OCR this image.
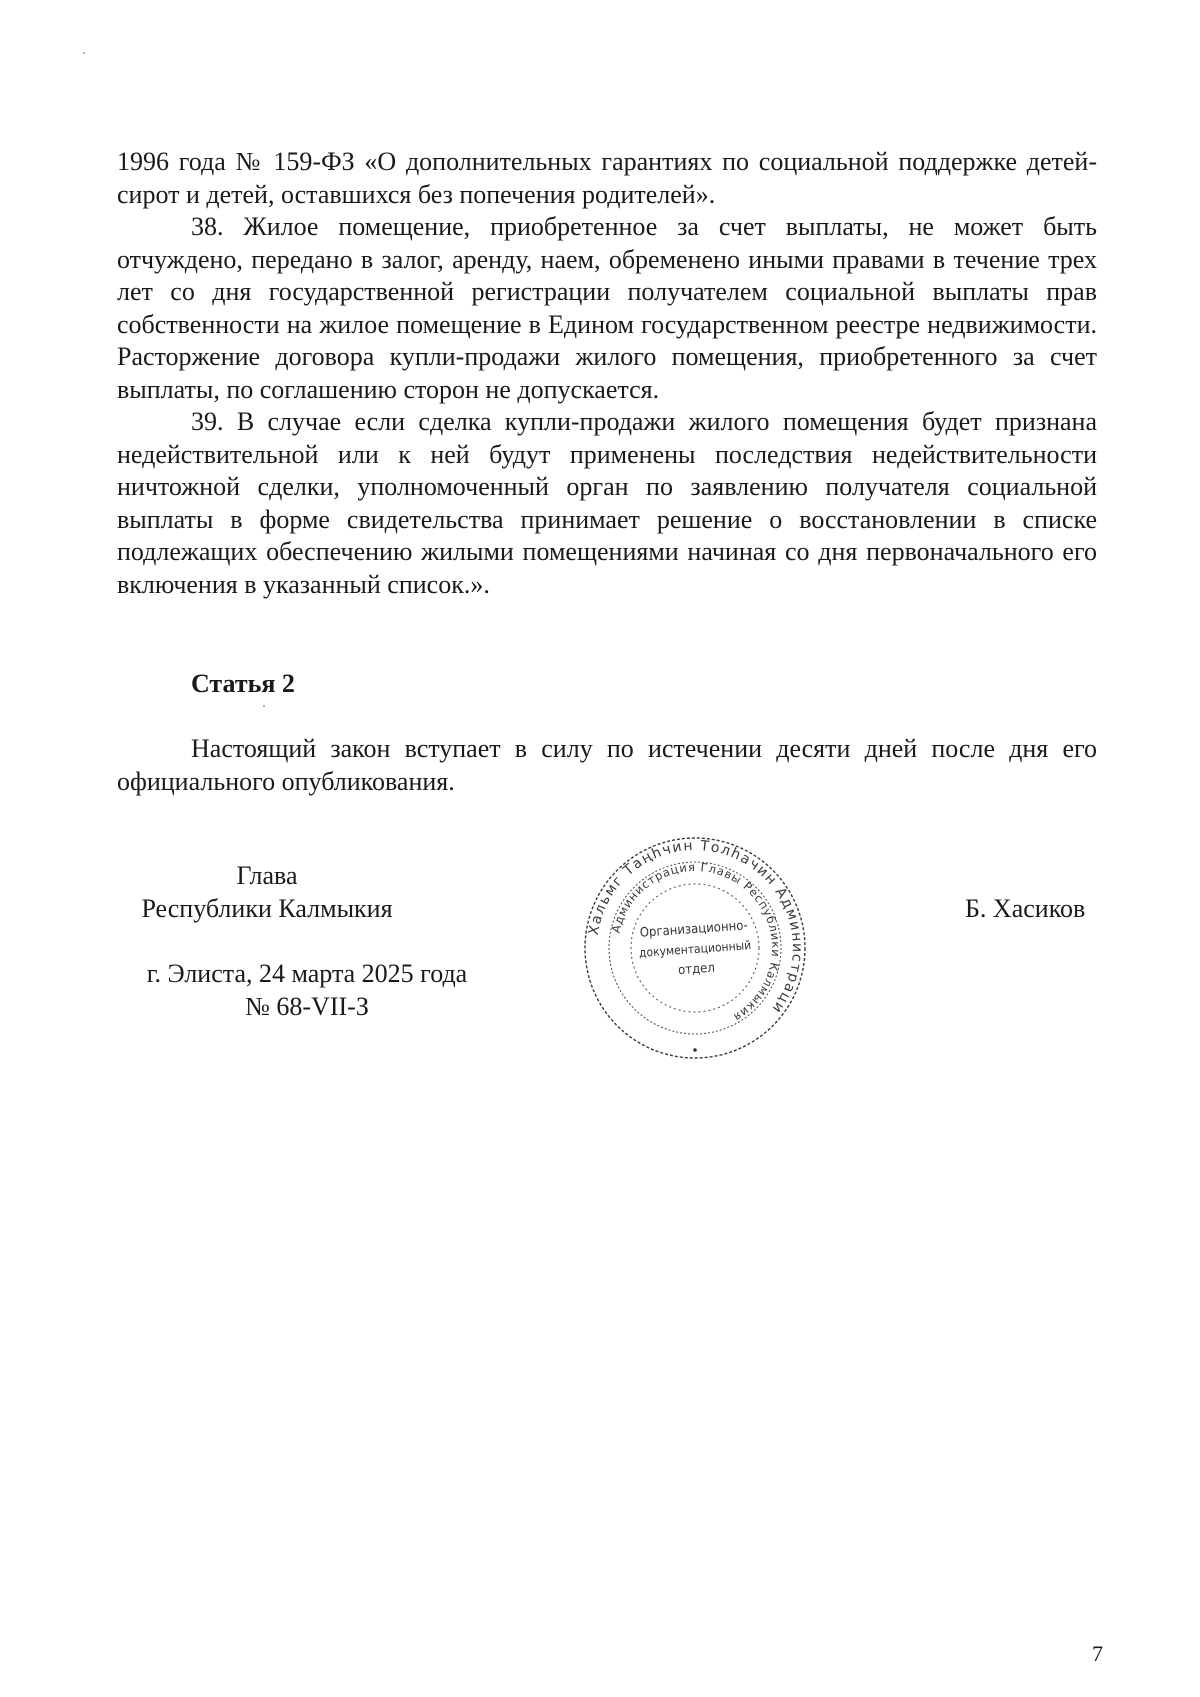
1996 года № 159-ФЗ «О дополнительных гарантиях по социальной поддержке детей-сирот и детей, оставшихся без попечения родителей».

38. Жилое помещение, приобретенное за счет выплаты, не может быть отчуждено, передано в залог, аренду, наем, обременено иными правами в течение трех лет со дня государственной регистрации получателем социальной выплаты прав собственности на жилое помещение в Едином государственном реестре недвижимости. Расторжение договора купли-продажи жилого помещения, приобретенного за счет выплаты, по соглашению сторон не допускается.

39. В случае если сделка купли-продажи жилого помещения будет признана недействительной или к ней будут применены последствия недействительности ничтожной сделки, уполномоченный орган по заявлению получателя социальной выплаты в форме свидетельства принимает решение о восстановлении в списке подлежащих обеспечению жилыми помещениями начиная со дня первоначального его включения в указанный список.».

Статья 2

Настоящий закон вступает в силу по истечении десяти дней после дня его официального опубликования.

Глава
Республики Калмыкия
г. Элиста, 24 марта 2025 года
№ 68-VII-З
Б. Хасиков
Хальмг Таңһчин Толһачин Администраци
Администрация Главы Республики Калмыкия
Организационно-
документационный
отдел
7
